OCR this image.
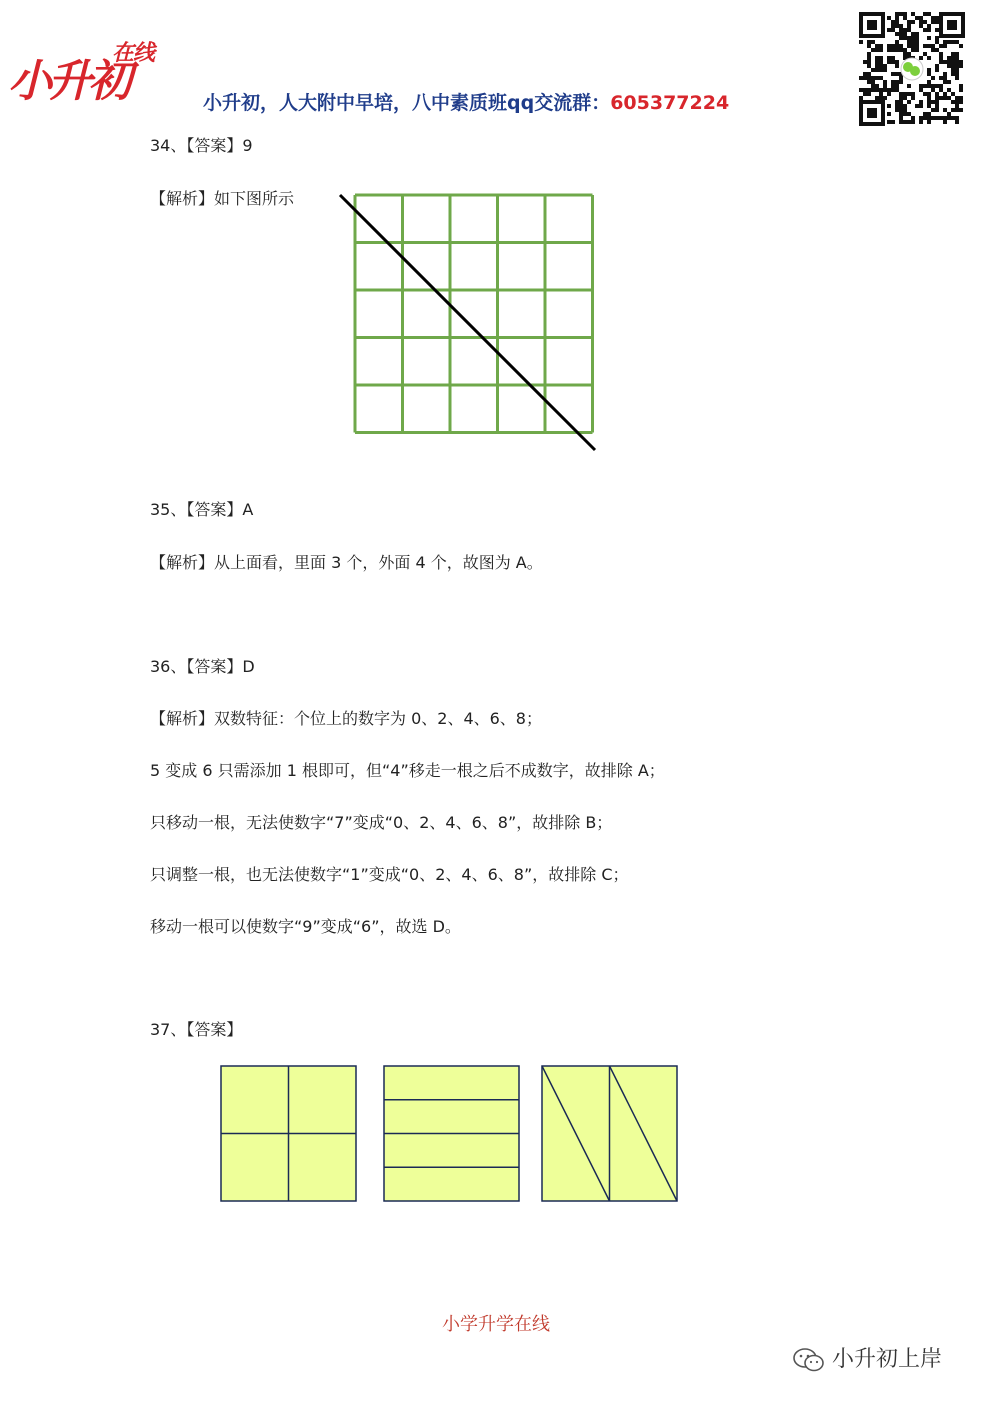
小升初
在线
小升初，人大附中早培，八中素质班qq交流群：605377224
34、【答案】9
【解析】如下图所示
35、【答案】A
【解析】从上面看，里面 3 个，外面 4 个，故图为 A。
36、【答案】D
【解析】双数特征：个位上的数字为 0、2、4、6、8；
5 变成 6 只需添加 1 根即可，但“4”移走一根之后不成数字，故排除 A；
只移动一根，无法使数字“7”变成“0、2、4、6、8”，故排除 B；
只调整一根，也无法使数字“1”变成“0、2、4、6、8”，故排除 C；
移动一根可以使数字“9”变成“6”，故选 D。
37、【答案】
小学升学在线
小升初上岸
